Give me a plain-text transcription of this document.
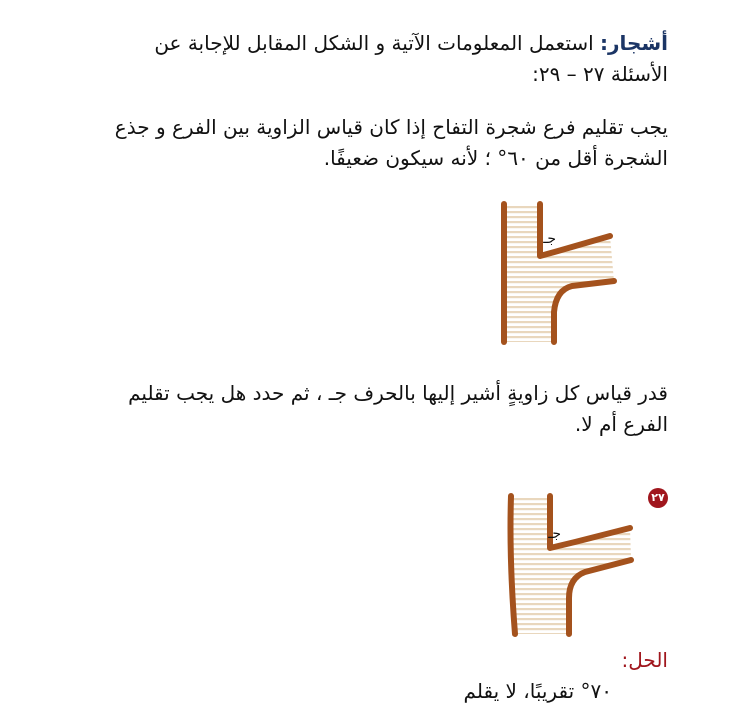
أشجار: استعمل المعلومات الآتية و الشكل المقابل للإجابة عن الأسئلة ٢٧ – ٢٩:
يجب تقليم فرع شجرة التفاح إذا كان قياس الزاوية بين الفرع و جذع الشجرة أقل من ٦٠° ؛ لأنه سيكون ضعيفًا.
جـ
قدر قياس كل زاويةٍ أشير إليها بالحرف جـ ، ثم حدد هل يجب تقليم الفرع أم لا.
٢٧
جـ
الحل:
٧٠° تقريبًا، لا يقلم
